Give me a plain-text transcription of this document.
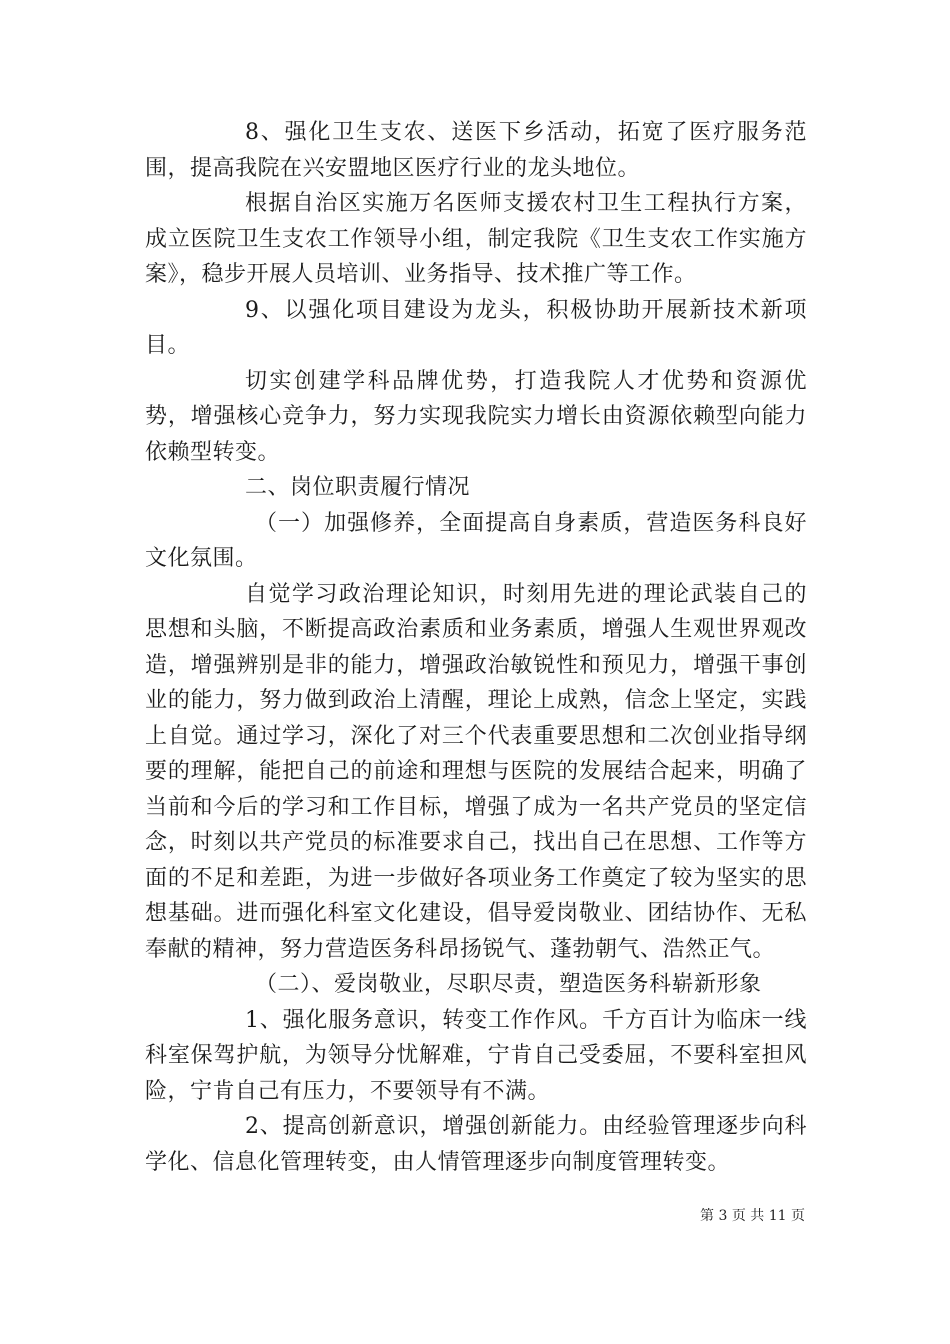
8、强化卫生支农、送医下乡活动，拓宽了医疗服务范围，提高我院在兴安盟地区医疗行业的龙头地位。

根据自治区实施万名医师支援农村卫生工程执行方案，成立医院卫生支农工作领导小组，制定我院《卫生支农工作实施方案》，稳步开展人员培训、业务指导、技术推广等工作。

9、以强化项目建设为龙头，积极协助开展新技术新项目。

切实创建学科品牌优势，打造我院人才优势和资源优势，增强核心竞争力，努力实现我院实力增长由资源依赖型向能力依赖型转变。

二、岗位职责履行情况

（一）加强修养，全面提高自身素质，营造医务科良好文化氛围。

自觉学习政治理论知识，时刻用先进的理论武装自己的思想和头脑，不断提高政治素质和业务素质，增强人生观世界观改造，增强辨别是非的能力，增强政治敏锐性和预见力，增强干事创业的能力，努力做到政治上清醒，理论上成熟，信念上坚定，实践上自觉。通过学习，深化了对三个代表重要思想和二次创业指导纲要的理解，能把自己的前途和理想与医院的发展结合起来，明确了当前和今后的学习和工作目标，增强了成为一名共产党员的坚定信念，时刻以共产党员的标准要求自己，找出自己在思想、工作等方面的不足和差距，为进一步做好各项业务工作奠定了较为坚实的思想基础。进而强化科室文化建设，倡导爱岗敬业、团结协作、无私奉献的精神，努力营造医务科昂扬锐气、蓬勃朝气、浩然正气。

（二）、爱岗敬业，尽职尽责，塑造医务科崭新形象

1、强化服务意识，转变工作作风。千方百计为临床一线科室保驾护航，为领导分忧解难，宁肯自己受委屈，不要科室担风险，宁肯自己有压力，不要领导有不满。

2、提高创新意识，增强创新能力。由经验管理逐步向科学化、信息化管理转变，由人情管理逐步向制度管理转变。

第 3 页 共 11 页
